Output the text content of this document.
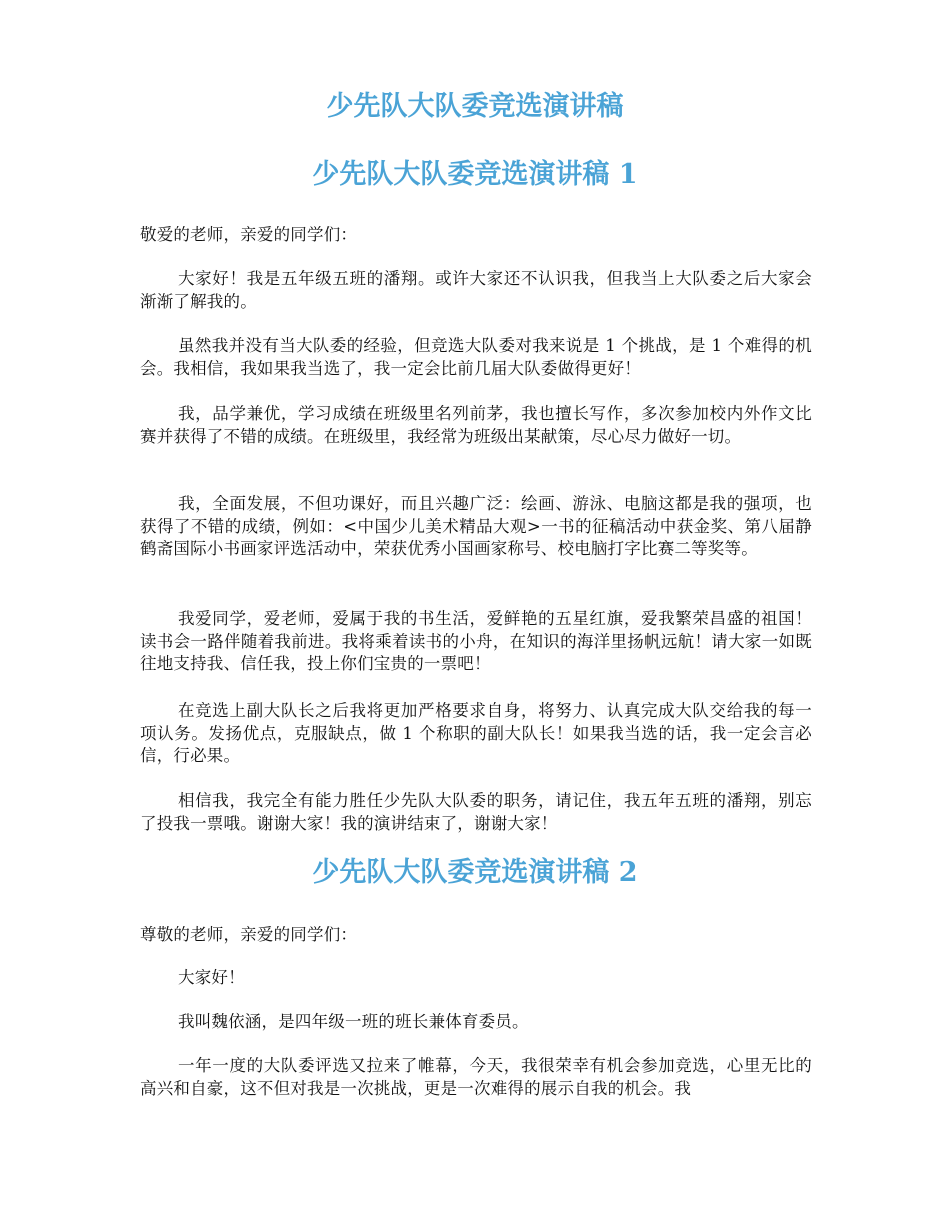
少先队大队委竞选演讲稿
少先队大队委竞选演讲稿 1

敬爱的老师，亲爱的同学们：

大家好！我是五年级五班的潘翔。或许大家还不认识我，但我当上大队委之后大家会渐渐了解我的。

虽然我并没有当大队委的经验，但竞选大队委对我来说是 1 个挑战，是 1 个难得的机会。我相信，我如果我当选了，我一定会比前几届大队委做得更好！

我，品学兼优，学习成绩在班级里名列前茅，我也擅长写作，多次参加校内外作文比赛并获得了不错的成绩。在班级里，我经常为班级出某献策，尽心尽力做好一切。

我，全面发展，不但功课好，而且兴趣广泛：绘画、游泳、电脑这都是我的强项，也获得了不错的成绩，例如：<中国少儿美术精品大观>一书的征稿活动中获金奖、第八届静鹤斋国际小书画家评选活动中，荣获优秀小国画家称号、校电脑打字比赛二等奖等。

我爱同学，爱老师，爱属于我的书生活，爱鲜艳的五星红旗，爱我繁荣昌盛的祖国！读书会一路伴随着我前进。我将乘着读书的小舟，在知识的海洋里扬帆远航！请大家一如既往地支持我、信任我，投上你们宝贵的一票吧！

在竞选上副大队长之后我将更加严格要求自身，将努力、认真完成大队交给我的每一项认务。发扬优点，克服缺点，做 1 个称职的副大队长！如果我当选的话，我一定会言必信，行必果。

相信我，我完全有能力胜任少先队大队委的职务，请记住，我五年五班的潘翔，别忘了投我一票哦。谢谢大家！我的演讲结束了，谢谢大家！

少先队大队委竞选演讲稿 2

尊敬的老师，亲爱的同学们：

大家好！

我叫魏依涵，是四年级一班的班长兼体育委员。

一年一度的大队委评选又拉来了帷幕，今天，我很荣幸有机会参加竞选，心里无比的高兴和自豪，这不但对我是一次挑战，更是一次难得的展示自我的机会。我
